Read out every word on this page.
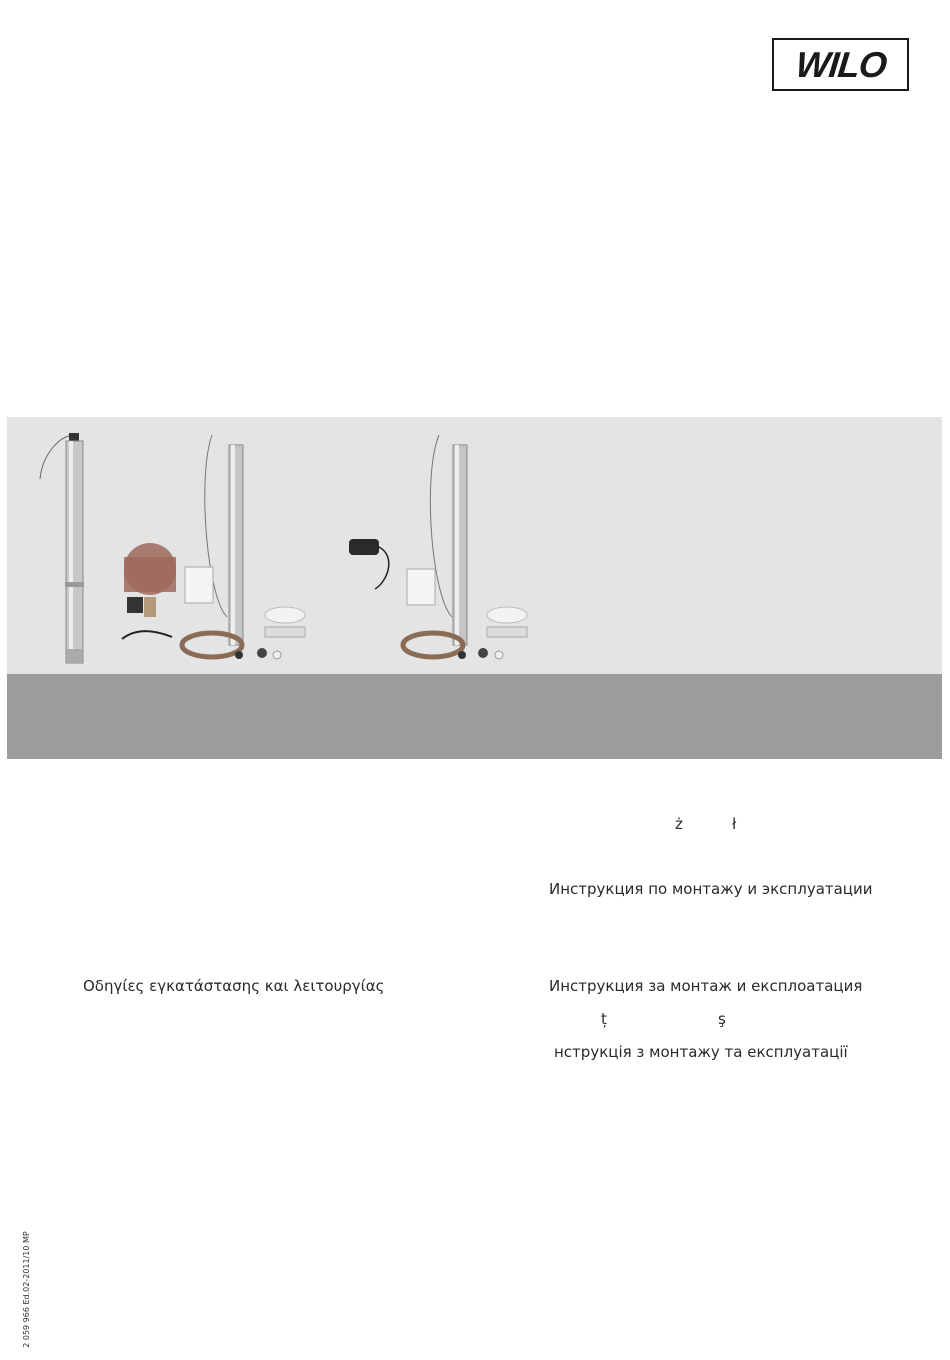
WILO
ż	ł
Инструкция по монтажу и эксплуатации
Οδηγίες εγκατάστασης και λειτουργίας	Инструкция за монтаж и експлоатация
ț	ş
нструкція з монтажу та експлуатації
2 059 966 Ed.02-2011/10 MP
